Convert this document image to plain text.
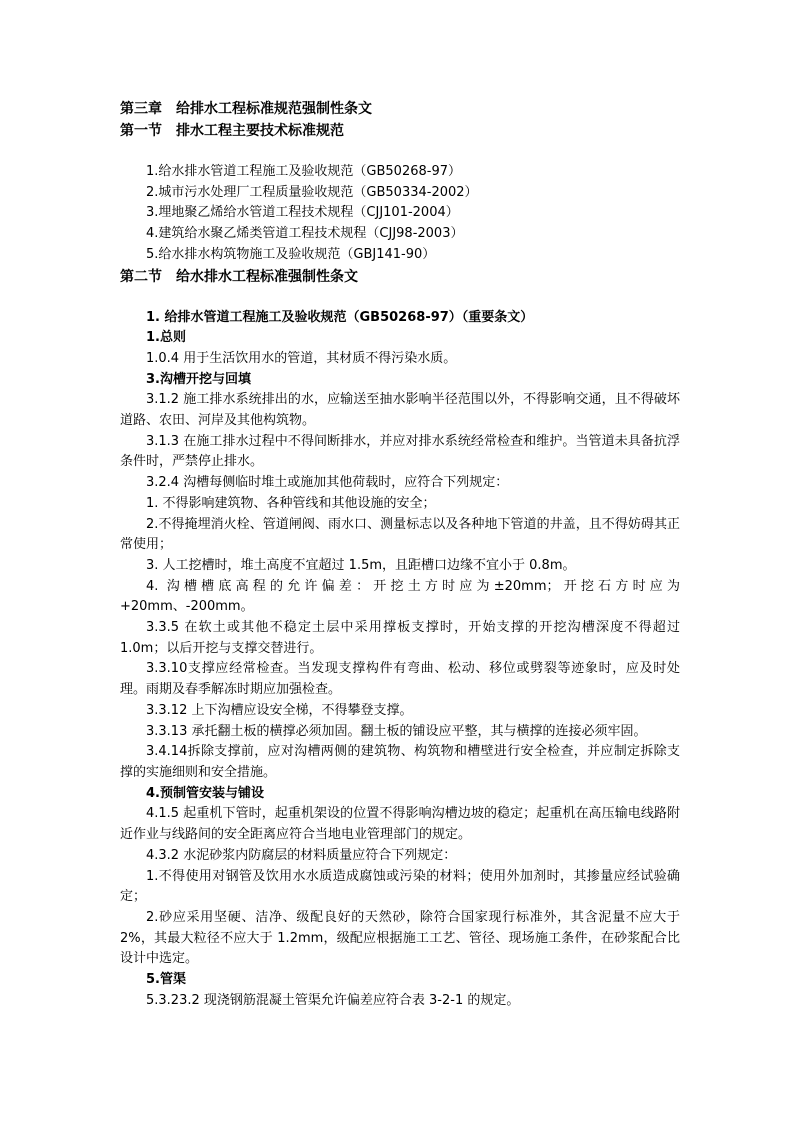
第三章　给排水工程标准规范强制性条文
第一节　排水工程主要技术标准规范
1.给水排水管道工程施工及验收规范（GB50268-97）
2.城市污水处理厂工程质量验收规范（GB50334-2002）
3.埋地聚乙烯给水管道工程技术规程（CJJ101-2004）
4.建筑给水聚乙烯类管道工程技术规程（CJJ98-2003）
5.给水排水构筑物施工及验收规范（GBJ141-90）
第二节　给水排水工程标准强制性条文
1. 给排水管道工程施工及验收规范（GB50268-97）（重要条文）
1.总则
1.0.4 用于生活饮用水的管道，其材质不得污染水质。
3.沟槽开挖与回填
3.1.2 施工排水系统排出的水，应输送至抽水影响半径范围以外，不得影响交通，且不得破坏道路、农田、河岸及其他构筑物。
3.1.3 在施工排水过程中不得间断排水，并应对排水系统经常检查和维护。当管道未具备抗浮条件时，严禁停止排水。
3.2.4 沟槽每侧临时堆土或施加其他荷载时，应符合下列规定：
1. 不得影响建筑物、各种管线和其他设施的安全；
2.不得掩埋消火栓、管道闸阀、雨水口、测量标志以及各种地下管道的井盖，且不得妨碍其正常使用；
3. 人工挖槽时，堆土高度不宜超过 1.5m，且距槽口边缘不宜小于 0.8m。
4. 沟槽槽底高程的允许偏差：开挖土方时应为±20mm；开挖石方时应为+20mm、-200mm。
3.3.5 在软土或其他不稳定土层中采用撑板支撑时，开始支撑的开挖沟槽深度不得超过 1.0m；以后开挖与支撑交替进行。
3.3.10支撑应经常检查。当发现支撑构件有弯曲、松动、移位或劈裂等迹象时，应及时处理。雨期及春季解冻时期应加强检查。
3.3.12 上下沟槽应设安全梯，不得攀登支撑。
3.3.13 承托翻土板的横撑必须加固。翻土板的铺设应平整，其与横撑的连接必须牢固。
3.4.14拆除支撑前，应对沟槽两侧的建筑物、构筑物和槽壁进行安全检查，并应制定拆除支撑的实施细则和安全措施。
4.预制管安装与铺设
4.1.5 起重机下管时，起重机架设的位置不得影响沟槽边坡的稳定；起重机在高压输电线路附近作业与线路间的安全距离应符合当地电业管理部门的规定。
4.3.2 水泥砂浆内防腐层的材料质量应符合下列规定：
1.不得使用对钢管及饮用水水质造成腐蚀或污染的材料；使用外加剂时，其掺量应经试验确定；
2.砂应采用坚硬、洁净、级配良好的天然砂，除符合国家现行标准外，其含泥量不应大于 2%，其最大粒径不应大于 1.2mm，级配应根据施工工艺、管径、现场施工条件，在砂浆配合比设计中选定。
5.管渠
5.3.23.2 现浇钢筋混凝土管渠允许偏差应符合表 3-2-1 的规定。
